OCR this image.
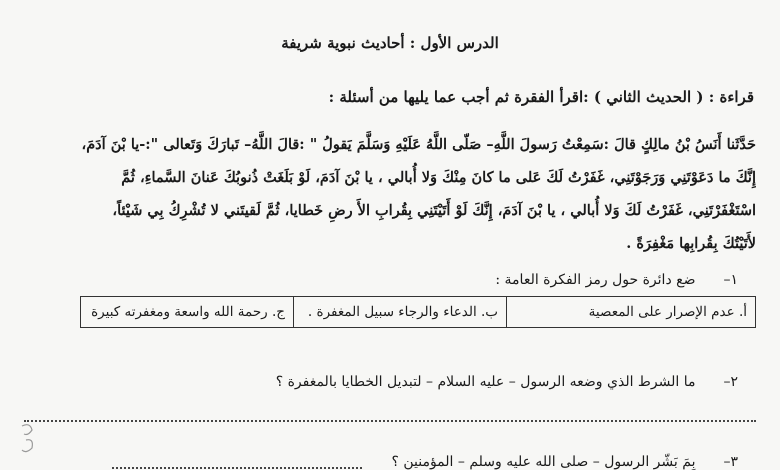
الدرس الأول : أحاديث نبوية شريفة
قراءة : ( الحديث الثاني ) :اقرأ الفقرة ثم أجب عما يليها من أسئلة :

حَدَّثَنا أَنَسُ بْنُ مالِكٍ قالَ :سَمِعْتُ رَسولَ اللَّهِ– صَلّى اللَّهُ عَلَيْهِ وَسَلَّمَ يَقولُ " :قالَ اللَّهُ– تَبارَكَ وَتَعالى ":-يا بْنَ آدَمَ،

إِنَّكَ ما دَعَوْتَنِي وَرَجَوْتَنِي، غَفَرْتُ لَكَ عَلى ما كانَ مِنْكَ وَلا أُبالي ، يا بْنَ آدَمَ، لَوْ بَلَغَتْ ذُنوبُكَ عَنانَ السَّماءِ، ثُمَّ

اسْتَغْفَرْتَنِي، غَفَرْتُ لَكَ وَلا أُبالي ، يا بْنَ آدَمَ، إِنَّكَ لَوْ أَتَيْتَنِي بِقُرابِ الأَ رضِ خَطايا، ثُمَّ لَقيتَني لا تُشْرِكُ بِي شَيْئاً،

لأَتَيْتُكَ بِقُرابِها مَغْفِرَةً .

١–
ضع دائرة حول رمز الفكرة العامة :
أ. عدم الإصرار على المعصية	ب. الدعاء والرجاء سبيل المغفرة .	ج. رحمة الله واسعة ومغفرته كبيرة
٢–
ما الشرط الذي وضعه الرسول – عليه السلام – لتبديل الخطايا بالمغفرة ؟
٣–
بِمَ بَشّر الرسول – صلى الله عليه وسلم – المؤمنين ؟
